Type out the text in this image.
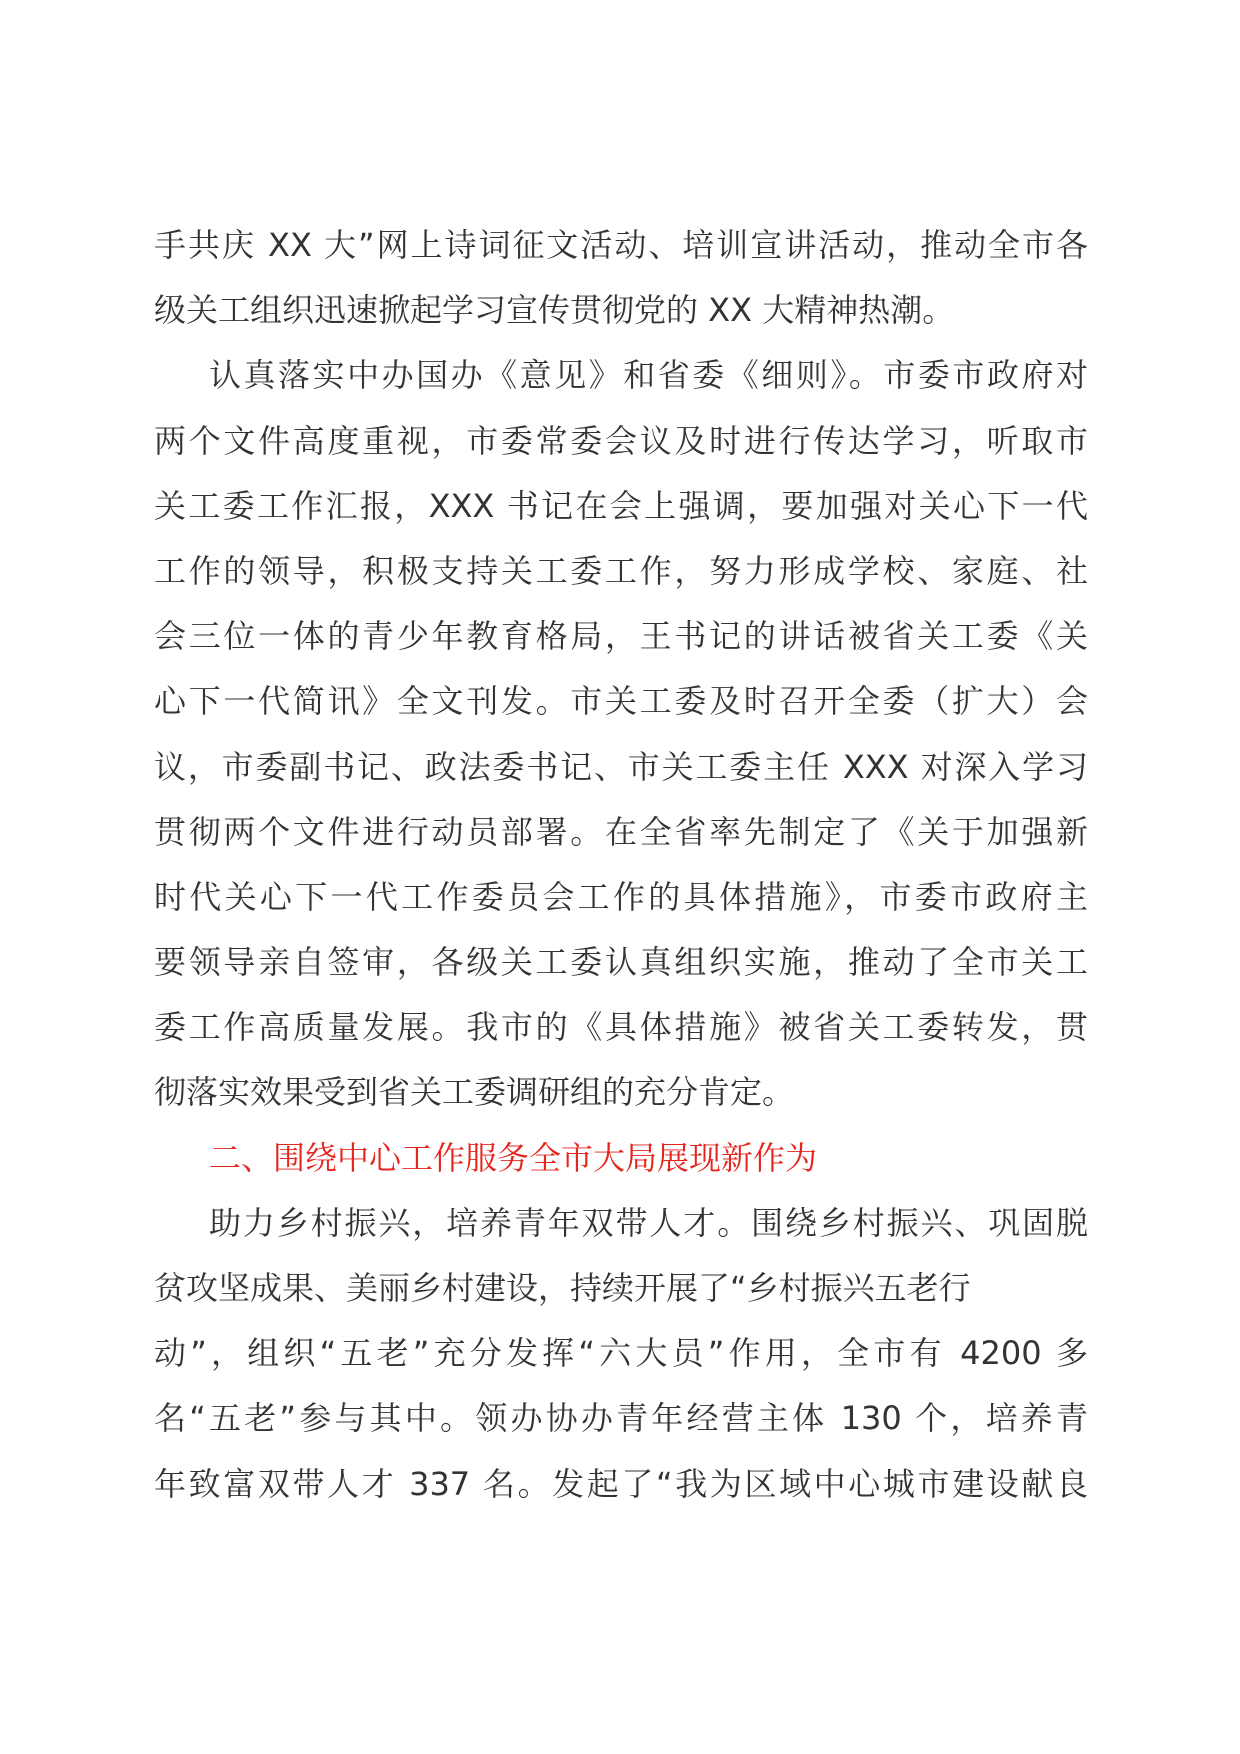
手共庆 XX 大”网上诗词征文活动、培训宣讲活动，推动全市各
级关工组织迅速掀起学习宣传贯彻党的 XX 大精神热潮。
认真落实中办国办《意见》和省委《细则》。市委市政府对
两个文件高度重视，市委常委会议及时进行传达学习，听取市
关工委工作汇报，XXX 书记在会上强调，要加强对关心下一代
工作的领导，积极支持关工委工作，努力形成学校、家庭、社
会三位一体的青少年教育格局，王书记的讲话被省关工委《关
心下一代简讯》全文刊发。市关工委及时召开全委（扩大）会
议，市委副书记、政法委书记、市关工委主任 XXX 对深入学习
贯彻两个文件进行动员部署。在全省率先制定了《关于加强新
时代关心下一代工作委员会工作的具体措施》，市委市政府主
要领导亲自签审，各级关工委认真组织实施，推动了全市关工
委工作高质量发展。我市的《具体措施》被省关工委转发，贯
彻落实效果受到省关工委调研组的充分肯定。
二、围绕中心工作服务全市大局展现新作为
助力乡村振兴，培养青年双带人才。围绕乡村振兴、巩固脱
贫攻坚成果、美丽乡村建设，持续开展了“乡村振兴五老行
动”，组织“五老”充分发挥“六大员”作用，全市有 4200 多
名“五老”参与其中。领办协办青年经营主体 130 个，培养青
年致富双带人才 337 名。发起了“我为区域中心城市建设献良
